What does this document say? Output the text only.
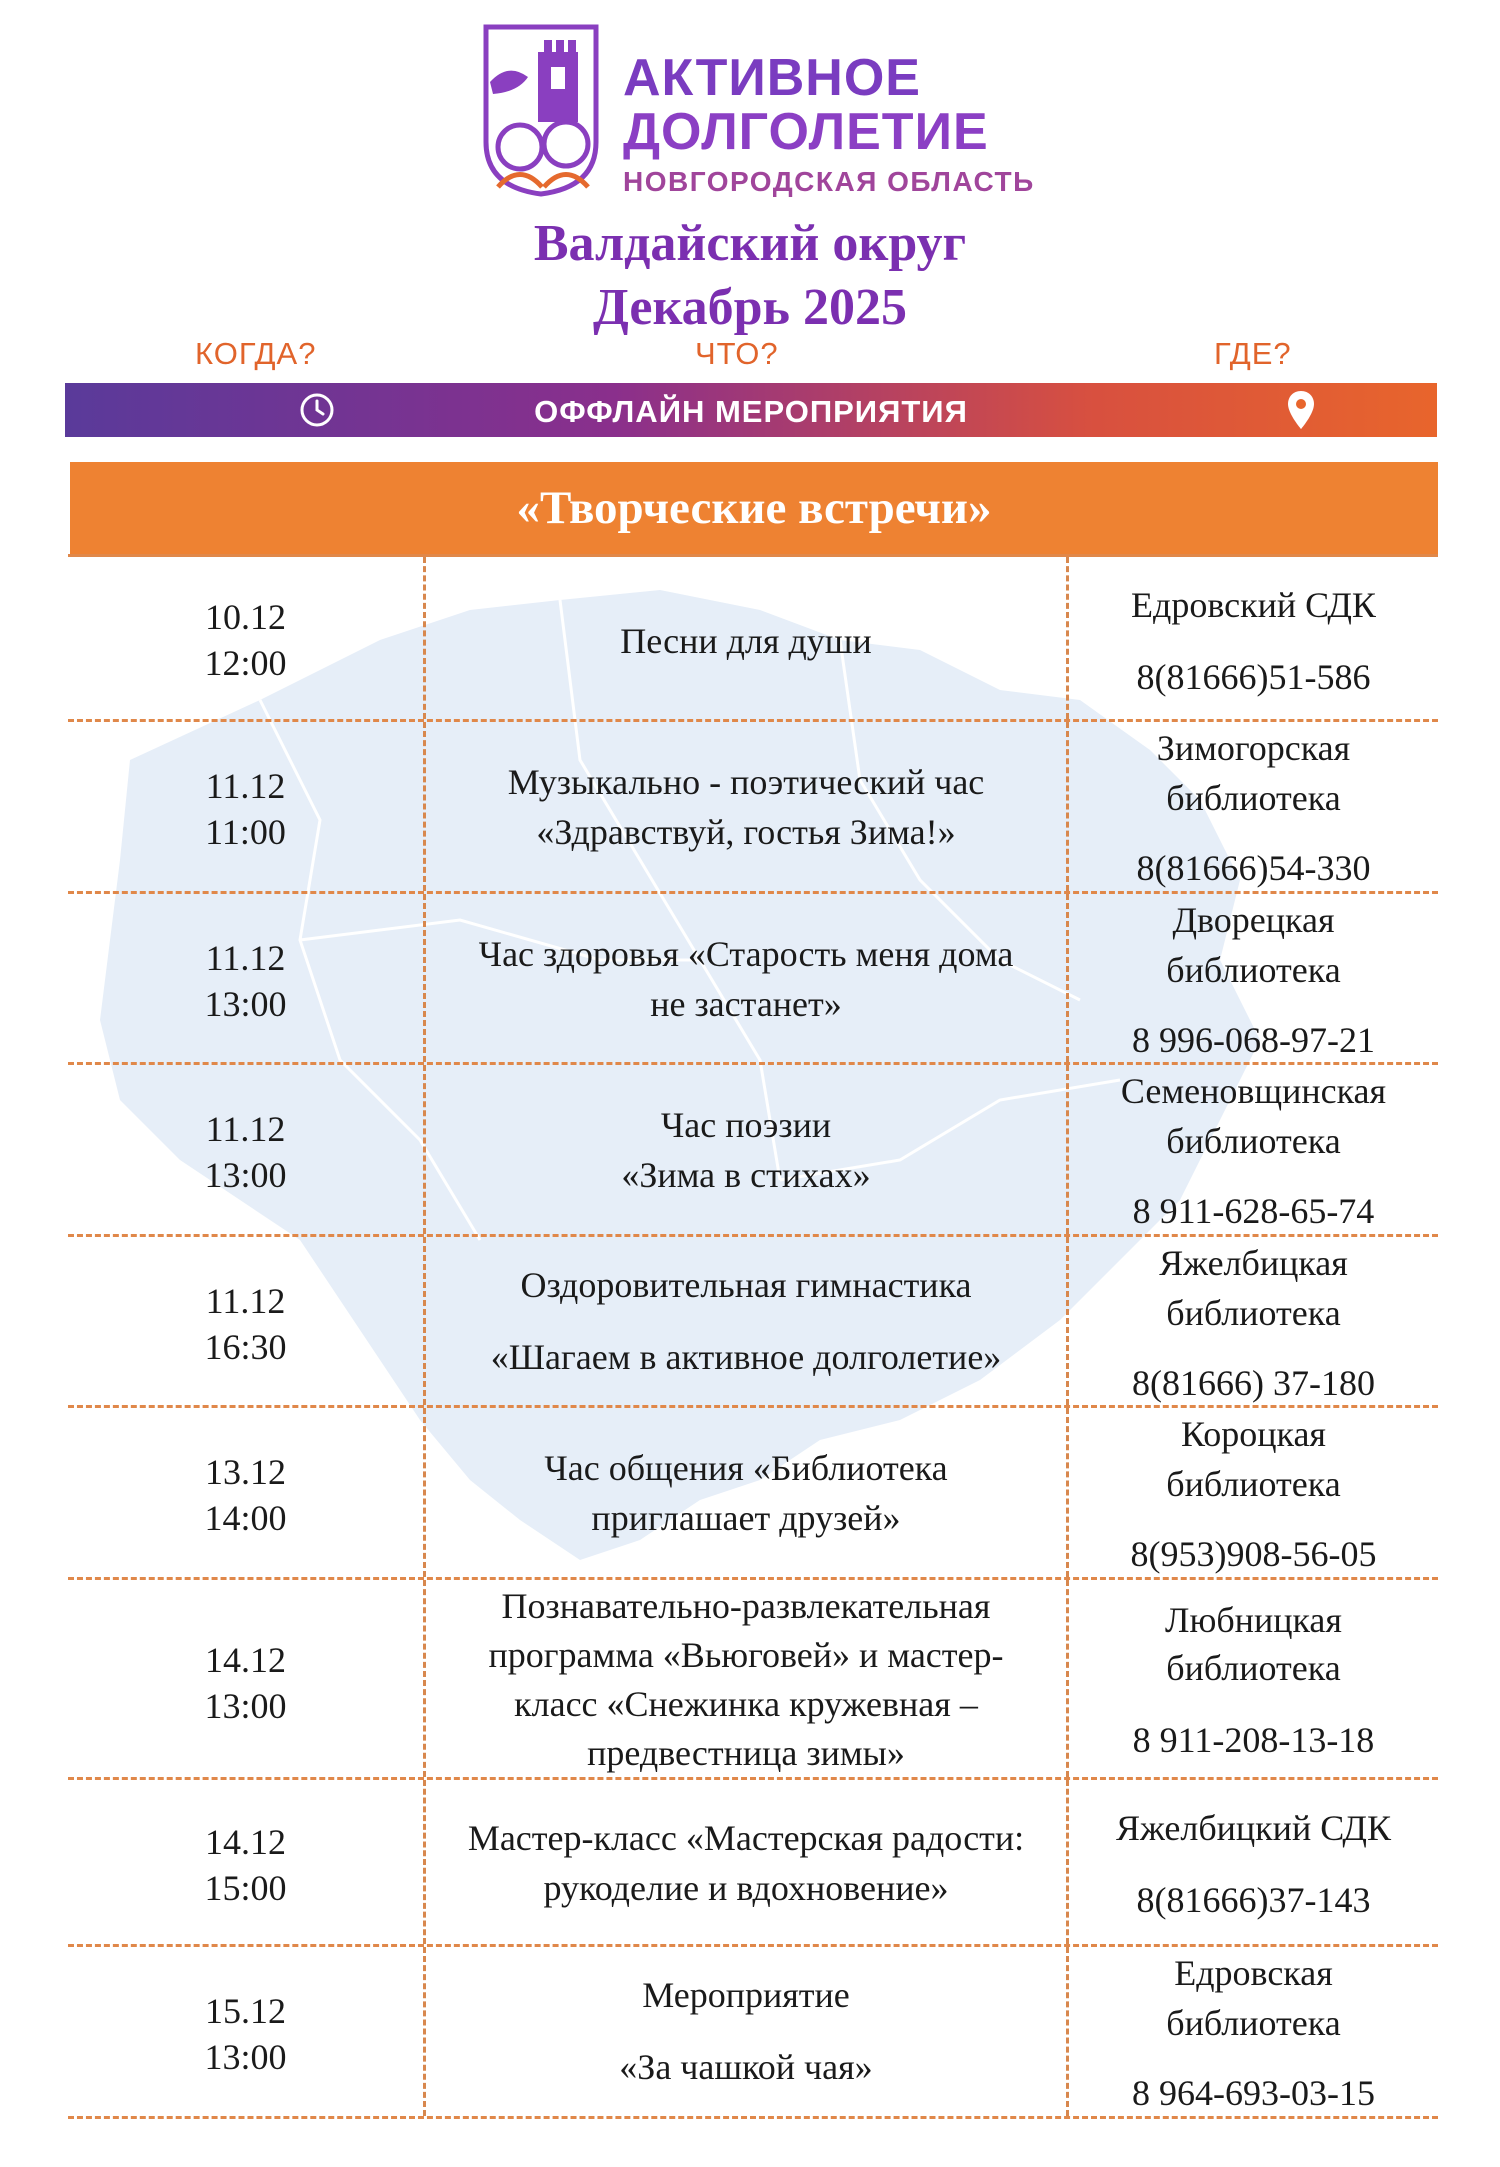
АКТИВНОЕ
ДОЛГОЛЕТИЕ
НОВГОРОДСКАЯ ОБЛАСТЬ
Валдайский округ
Декабрь 2025
КОГДА?	ЧТО?	ГДЕ?
ОФФЛАЙН МЕРОПРИЯТИЯ
«Творческие встречи»
10.12
12:00
Песни для души
Едровский СДК
8(81666)51-586
11.12
11:00
Музыкально - поэтический час
«Здравствуй, гостья Зима!»
Зимогорская
библиотека
8(81666)54-330
11.12
13:00
Час здоровья «Старость меня дома
не застанет»
Дворецкая
библиотека
8 996-068-97-21
11.12
13:00
Час поэзии
«Зима в стихах»
Семеновщинская
библиотека
8 911-628-65-74
11.12
16:30
Оздоровительная гимнастика
«Шагаем в активное долголетие»
Яжелбицкая
библиотека
8(81666) 37-180
13.12
14:00
Час общения «Библиотека
приглашает друзей»
Короцкая
библиотека
8(953)908-56-05
14.12
13:00
Познавательно-развлекательная
программа «Вьюговей» и мастер-
класс «Снежинка кружевная –
предвестница зимы»
Любницкая
библиотека
8 911-208-13-18
14.12
15:00
Мастер-класс «Мастерская радости:
рукоделие и вдохновение»
Яжелбицкий СДК
8(81666)37-143
15.12
13:00
Мероприятие
«За чашкой чая»
Едровская
библиотека
8 964-693-03-15
